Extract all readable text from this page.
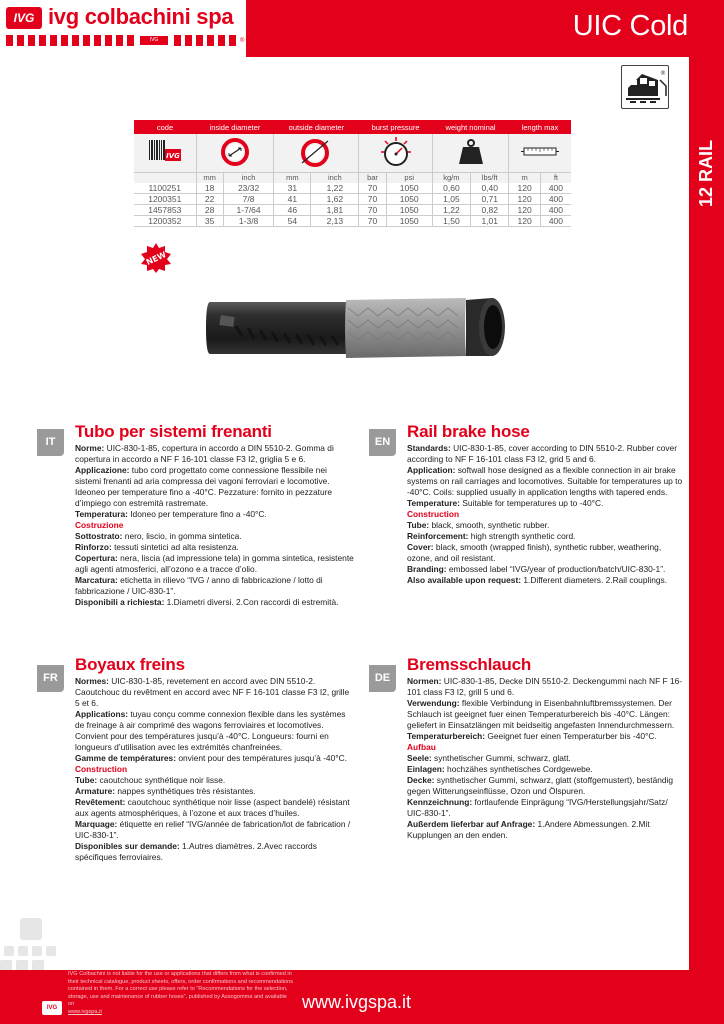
IVG ivg colbachini spa
IVG GROUP
®	UIC Cold
12 RAIL
®
code	inside diameter		outside diameter		burst pressure		weight nominal		length max	

IVG

	mm	inch	mm	inch	bar	psi	kg/m	lbs/ft	m	ft
1100251	18	23/32	31	1,22	70	1050	0,60	0,40	120	400
1200351	22	7/8	41	1,62	70	1050	1,05	0,71	120	400
1457853	28	1-7/64	46	1,81	70	1050	1,22	0,82	120	400
1200352	35	1-3/8	54	2,13	70	1050	1,50	1,01	120	400
NEW
IT
Tubo per sistemi frenanti

Norme: UIC-830-1-85, copertura in accordo a DIN 5510-2. Gomma di copertura in accordo a NF F 16-101 classe F3 I2, griglia 5 e 6.
Applicazione: tubo cord progettato come connessione flessibile nei sistemi frenanti ad aria compressa dei vagoni ferroviari e locomotive. Ideoneo per temperature fino a -40°C. Pezzature: fornito in pezzature d’impiego con estremità rastremate.
Temperatura: Idoneo per temperature fino a -40°C.
Costruzione
Sottostrato: nero, liscio, in gomma sintetica.
Rinforzo: tessuti sintetici ad alta resistenza.
Copertura: nera, liscia (ad impressione tela) in gomma sintetica, resistente agli agenti atmosferici, all’ozono e a tracce d’olio.
Marcatura: etichetta in rilievo “IVG / anno di fabbricazione / lotto di fabbricazione / UIC-830-1”.
Disponibili a richiesta: 1.Diametri diversi. 2.Con raccordi di estremità.

EN
Rail brake hose

Standards: UIC-830-1-85, cover according to DIN 5510-2. Rubber cover according to NF F 16-101 class F3 I2, grid 5 and 6.
Application: softwall hose designed as a flexible connection in air brake systems on rail carriages and locomotives. Suitable for temperatures up to -40°C. Coils: supplied usually in application lengths with tapered ends.
Temperature: Suitable for temperatures up to -40°C.
Construction
Tube: black, smooth, synthetic rubber.
Reinforcement: high strength synthetic cord.
Cover: black, smooth (wrapped finish), synthetic rubber, weathering, ozone, and oil resistant.
Branding: embossed label “IVG/year of production/batch/UIC-830-1”.
Also available upon request: 1.Different diameters. 2.Rail couplings.

FR
Boyaux freins

Normes: UIC-830-1-85, revetement en accord avec DIN 5510-2. Caoutchouc du revêtment en accord avec NF F 16-101 classe F3 I2, grille 5 et 6.
Applications: tuyau conçu comme connexion flexible dans les systèmes de freinage à air comprimé des wagons ferroviaires et locomotives. Convient pour des températures jusqu’à -40°C. Longueurs: fourni en longueurs d’utilisation avec les extrémités chanfreinées.
Gamme de températures: onvient pour des températures jusqu’à -40°C.
Construction
Tube: caoutchouc synthétique noir lisse.
Armature: nappes synthétiques très résistantes.
Revêtement: caoutchouc synthétique noir lisse (aspect bandelé) résistant aux agents atmosphériques, à l’ozone et aux traces d’huiles.
Marquage: étiquette en relief “IVG/année de fabrication/lot de fabrication / UIC-830-1”.
Disponibles sur demande: 1.Autres diamètres. 2.Avec raccords spécifiques ferroviaires.

DE
Bremsschlauch

Normen: UIC-830-1-85, Decke DIN 5510-2. Deckengummi nach NF F 16-101 class F3 I2, grill 5 und 6.
Verwendung: flexible Verbindung in Eisenbahnluftbremssystemen. Der Schlauch ist geeignet fuer einen Temperaturbereich bis -40°C. Längen: geliefert in Einsatzlängen mit beidseitig angefasten Innendurchmessern.
Temperaturbereich: Geeignet fuer einen Temperaturber bis -40°C.
Aufbau
Seele: synthetischer Gummi, schwarz, glatt.
Einlagen: hochzähes synthetisches Cordgewebe.
Decke: synthetischer Gummi, schwarz, glatt (stoffgemustert), beständig gegen Witterungseinflüsse, Ozon und Ölspuren.
Kennzeichnung: fortlaufende Einprägung “IVG/Herstellungsjahr/Satz/ UIC-830-1”.
Außerdem lieferbar auf Anfrage: 1.Andere Abmessungen. 2.Mit Kupplungen an den enden.

IVG Colbachini is not liable for the use or applications that differs from what is confirmed in their technical catalogue, product sheets, offers, order confirmations and recommendations contained in them. For a correct use please refer to “Recommendations for the selection, storage, use and maintenance of rubber hoses”, published by Assogomma and available on
www.ivgspa.it
IVG	www.ivgspa.it
